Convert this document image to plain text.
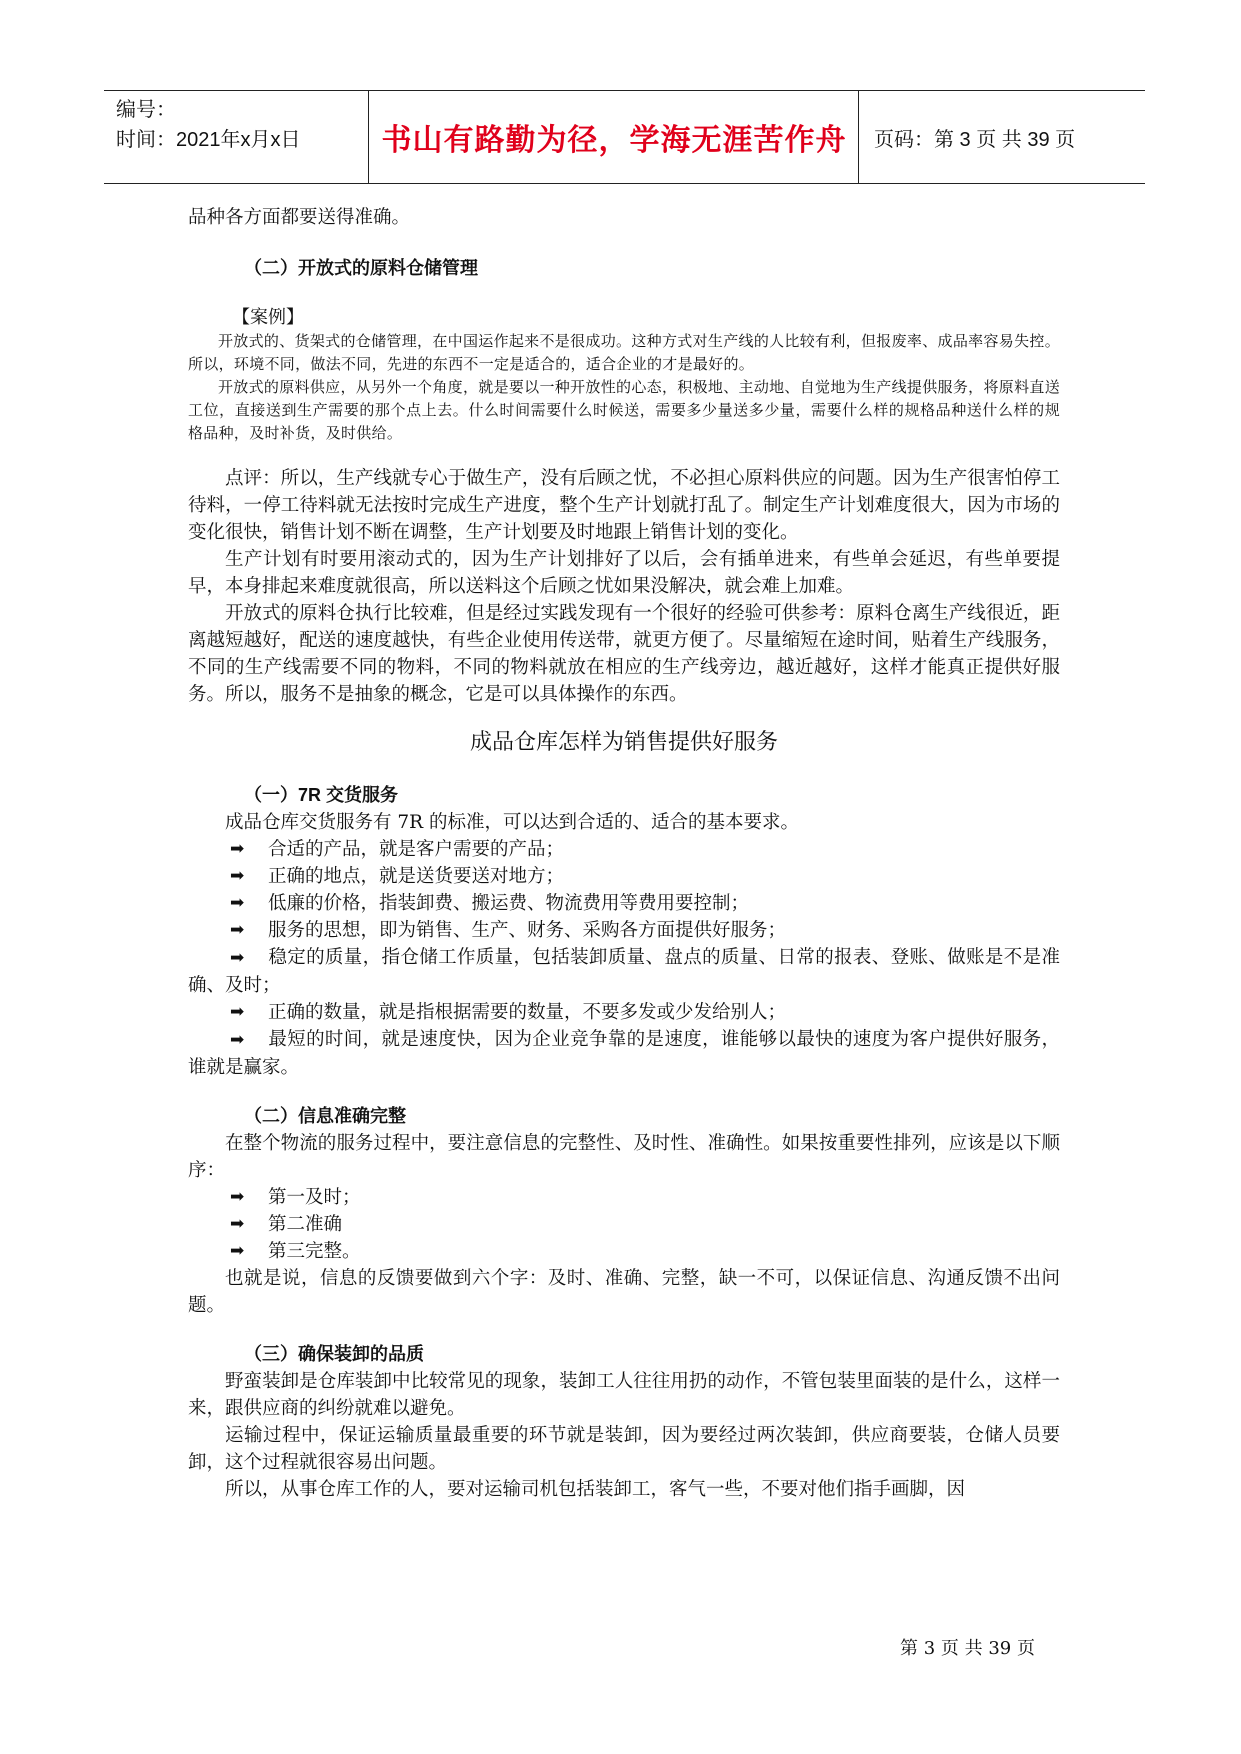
编号：
时间：2021年x月x日	书山有路勤为径，学海无涯苦作舟	页码：第 3 页 共 39 页

品种各方面都要送得准确。

（二）开放式的原料仓储管理

【案例】

开放式的、货架式的仓储管理，在中国运作起来不是很成功。这种方式对生产线的人比较有利，但报废率、成品率容易失控。所以，环境不同，做法不同，先进的东西不一定是适合的，适合企业的才是最好的。

开放式的原料供应，从另外一个角度，就是要以一种开放性的心态，积极地、主动地、自觉地为生产线提供服务，将原料直送工位，直接送到生产需要的那个点上去。什么时间需要什么时候送，需要多少量送多少量，需要什么样的规格品种送什么样的规格品种，及时补货，及时供给。

点评：所以，生产线就专心于做生产，没有后顾之忧，不必担心原料供应的问题。因为生产很害怕停工待料，一停工待料就无法按时完成生产进度，整个生产计划就打乱了。制定生产计划难度很大，因为市场的变化很快，销售计划不断在调整，生产计划要及时地跟上销售计划的变化。

生产计划有时要用滚动式的，因为生产计划排好了以后，会有插单进来，有些单会延迟，有些单要提早，本身排起来难度就很高，所以送料这个后顾之忧如果没解决，就会难上加难。

开放式的原料仓执行比较难，但是经过实践发现有一个很好的经验可供参考：原料仓离生产线很近，距离越短越好，配送的速度越快，有些企业使用传送带，就更方便了。尽量缩短在途时间，贴着生产线服务，不同的生产线需要不同的物料，不同的物料就放在相应的生产线旁边，越近越好，这样才能真正提供好服务。所以，服务不是抽象的概念，它是可以具体操作的东西。

成品仓库怎样为销售提供好服务

（一）7R 交货服务

成品仓库交货服务有 7R 的标准，可以达到合适的、适合的基本要求。

➡	合适的产品，就是客户需要的产品；
➡	正确的地点，就是送货要送对地方；
➡	低廉的价格，指装卸费、搬运费、物流费用等费用要控制；
➡	服务的思想，即为销售、生产、财务、采购各方面提供好服务；

➡ 稳定的质量，指仓储工作质量，包括装卸质量、盘点的质量、日常的报表、登账、做账是不是准确、及时；

➡	正确的数量，就是指根据需要的数量，不要多发或少发给别人；

➡ 最短的时间，就是速度快，因为企业竞争靠的是速度，谁能够以最快的速度为客户提供好服务，谁就是赢家。

（二）信息准确完整

在整个物流的服务过程中，要注意信息的完整性、及时性、准确性。如果按重要性排列，应该是以下顺序：

➡	第一及时；
➡	第二准确
➡	第三完整。

也就是说，信息的反馈要做到六个字：及时、准确、完整，缺一不可，以保证信息、沟通反馈不出问题。

（三）确保装卸的品质

野蛮装卸是仓库装卸中比较常见的现象，装卸工人往往用扔的动作，不管包装里面装的是什么，这样一来，跟供应商的纠纷就难以避免。

运输过程中，保证运输质量最重要的环节就是装卸，因为要经过两次装卸，供应商要装，仓储人员要卸，这个过程就很容易出问题。

所以，从事仓库工作的人，要对运输司机包括装卸工，客气一些，不要对他们指手画脚，因

第 3 页 共 39 页
